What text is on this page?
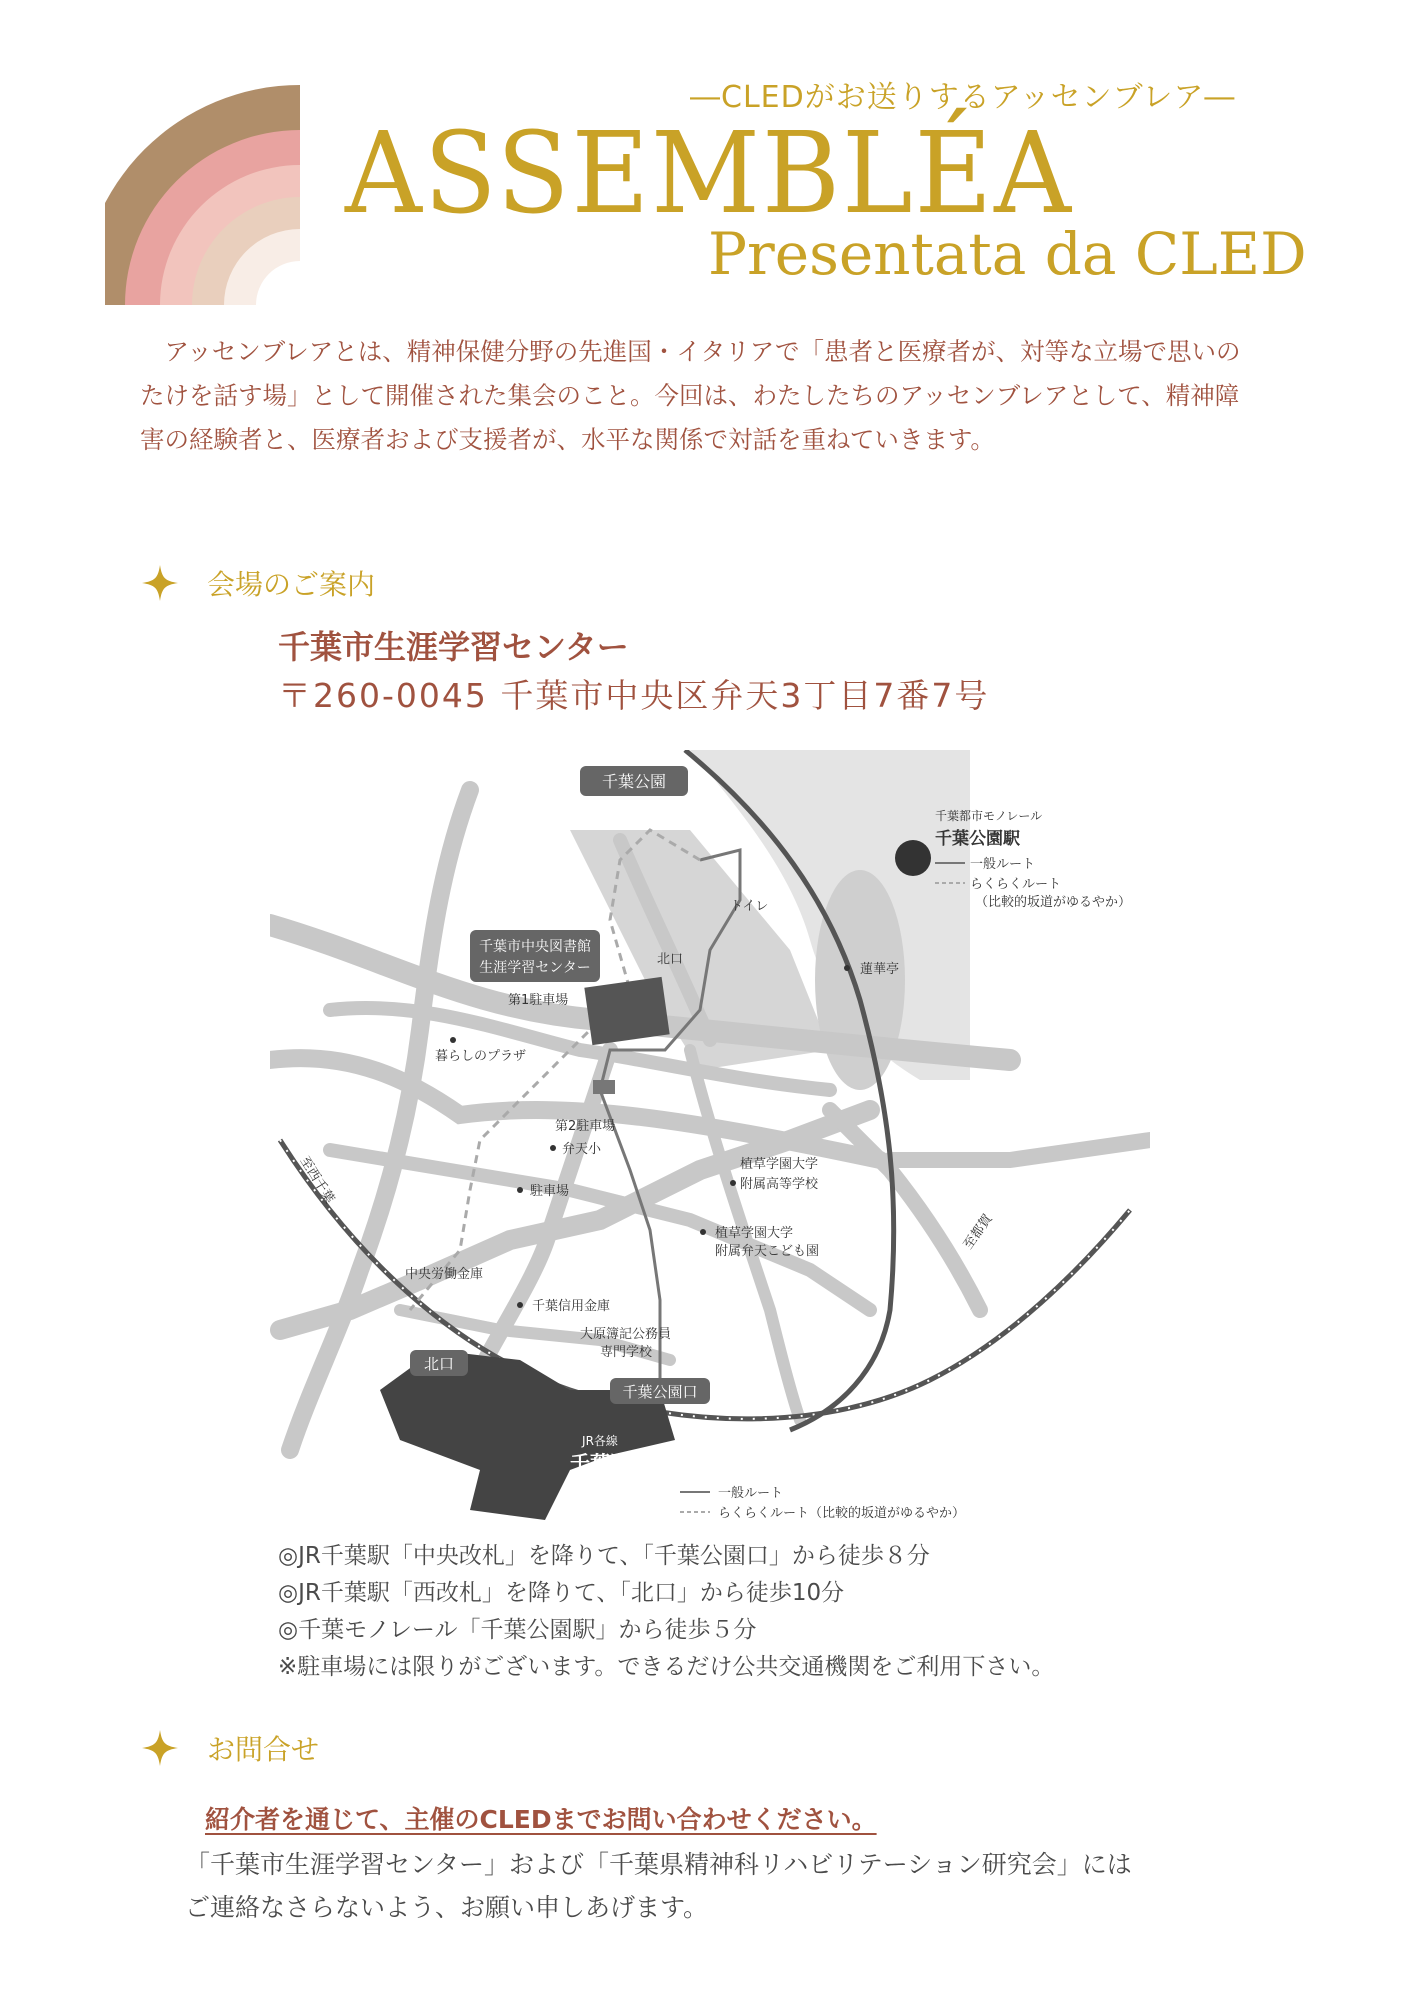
―CLEDがお送りするアッセンブレア―
ASSEMBLÉA
Presentata da CLED

アッセンブレアとは、精神保健分野の先進国・イタリアで「患者と医療者が、対等な立場で思いのたけを話す場」として開催された集会のこと。今回は、わたしたちのアッセンブレアとして、精神障害の経験者と、医療者および支援者が、水平な関係で対話を重ねていきます。

会場のご案内
千葉市生涯学習センター
〒260-0045 千葉市中央区弁天3丁目7番7号
千葉公園
千葉市中央図書館
生涯学習センター
北口
千葉公園口
JR各線
千葉駅
千葉都市モノレール
千葉公園駅
一般ルート
らくらくルート
（比較的坂道がゆるやか）
トイレ
蓮華亭
北口
第1駐車場
暮らしのプラザ
第2駐車場
弁天小
駐車場
植草学園大学
附属高等学校
植草学園大学
附属弁天こども園
中央労働金庫
千葉信用金庫
大原簿記公務員
専門学校
至西千葉
至都賀
一般ルート
らくらくルート（比較的坂道がゆるやか）
◎JR千葉駅「中央改札」を降りて、「千葉公園口」から徒歩８分
◎JR千葉駅「西改札」を降りて、「北口」から徒歩10分
◎千葉モノレール「千葉公園駅」から徒歩５分
※駐車場には限りがございます。できるだけ公共交通機関をご利用下さい。
お問合せ
紹介者を通じて、主催のCLEDまでお問い合わせください。
「千葉市生涯学習センター」および「千葉県精神科リハビリテーション研究会」には
ご連絡なさらないよう、お願い申しあげます。
